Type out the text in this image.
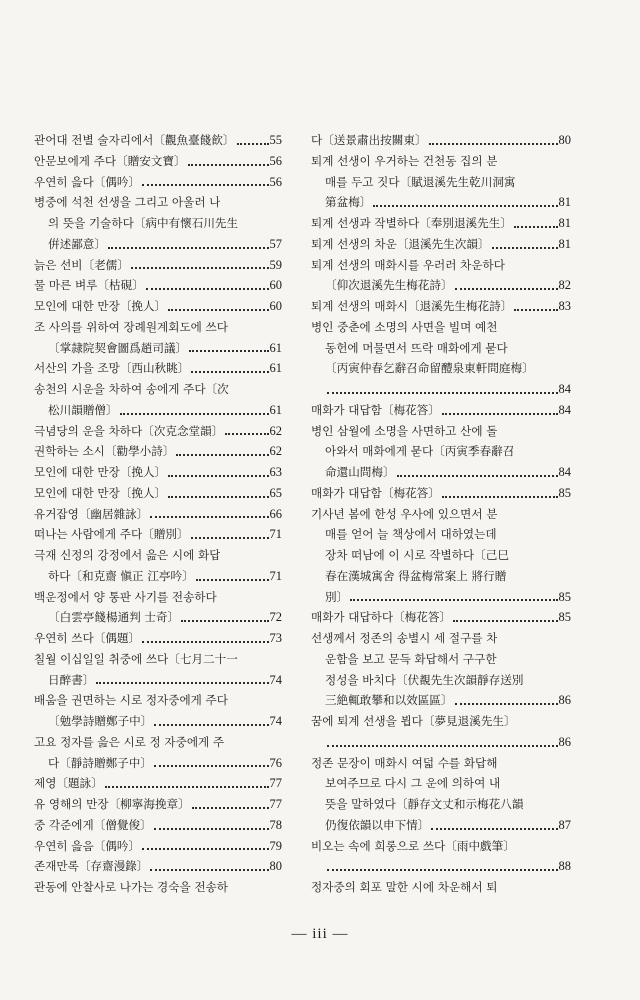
관어대 전별 술자리에서〔觀魚臺餞飮〕	55
안문보에게 주다〔贈安文寶〕	56
우연히 읊다〔偶吟〕	56
병중에 석천 선생을 그리고 아울러 나
의 뜻을 기술하다〔病中有懷石川先生
倂述鄙意〕	57
늙은 선비〔老儒〕	59
물 마른 벼루〔枯硯〕	60
모인에 대한 만장〔挽人〕	60
조 사의를 위하여 장례원계회도에 쓰다
〔掌隷院契會圖爲趙司議〕	61
서산의 가을 조망〔西山秋眺〕	61
송천의 시운을 차하여 송에게 주다〔次
松川韻贈僧〕	61
극념당의 운을 차하다〔次克念堂韻〕	62
권학하는 소시〔勸學小詩〕	62
모인에 대한 만장〔挽人〕	63
모인에 대한 만장〔挽人〕	65
유거잡영〔幽居雜詠〕	66
떠나는 사람에게 주다〔贈別〕	71
극재 신정의 강정에서 읊은 시에 화답
하다〔和克齋 愼正 江亭吟〕	71
백운정에서 양 통판 사기를 전송하다
〔白雲亭餞楊通判 士奇〕	72
우연히 쓰다〔偶題〕	73
칠월 이십일일 취중에 쓰다〔七月二十一
日醉書〕	74
배움을 권면하는 시로 정자중에게 주다
〔勉學詩贈鄭子中〕	74
고요 정자를 읊은 시로 정 자중에게 주
다〔靜詩贈鄭子中〕	76
제영〔題詠〕	77
유 영해의 만장〔柳寧海挽章〕	77
중 각준에게〔僧覺俊〕	78
우연히 읊음〔偶吟〕	79
존재만록〔存齋漫錄〕	80
관동에 안찰사로 나가는 경숙을 전송하
다〔送景肅出按關東〕	80
퇴계 선생이 우거하는 건천동 집의 분
매를 두고 짓다〔賦退溪先生乾川洞寓
第盆梅〕	81
퇴계 선생과 작별하다〔奉別退溪先生〕	81
퇴계 선생의 차운〔退溪先生次韻〕	81
퇴계 선생의 매화시를 우러러 차운하다
〔仰次退溪先生梅花詩〕	82
퇴계 선생의 매화시〔退溪先生梅花詩〕	83
병인 중춘에 소명의 사면을 빌며 예천
동헌에 머물면서 뜨락 매화에게 묻다
〔丙寅仲春乞辭召命留醴泉東軒問庭梅〕
84
매화가 대답함〔梅花答〕	84
병인 삼월에 소명을 사면하고 산에 돌
아와서 매화에게 묻다〔丙寅季春辭召
命還山問梅〕	84
매화가 대답함〔梅花答〕	85
기사년 봄에 한성 우사에 있으면서 분
매를 얻어 늘 책상에서 대하였는데
장차 떠남에 이 시로 작별하다〔己巳
春在漢城寓舍 得盆梅常案上 將行贈
別〕	85
매화가 대답하다〔梅花答〕	85
선생께서 정존의 송별시 세 절구를 차
운함을 보고 문득 화답해서 구구한
정성을 바치다〔伏覩先生次韻靜存送別
三絶輒敢攀和以效區區〕	86
꿈에 퇴계 선생을 뵙다〔夢見退溪先生〕
86
정존 문장이 매화시 여덟 수를 화답해
보여주므로 다시 그 운에 의하여 내
뜻을 말하였다〔靜存文丈和示梅花八韻
仍復依韻以申下情〕	87
비오는 속에 희롱으로 쓰다〔雨中戲筆〕
88
정자중의 회포 말한 시에 차운해서 퇴
— iii —
